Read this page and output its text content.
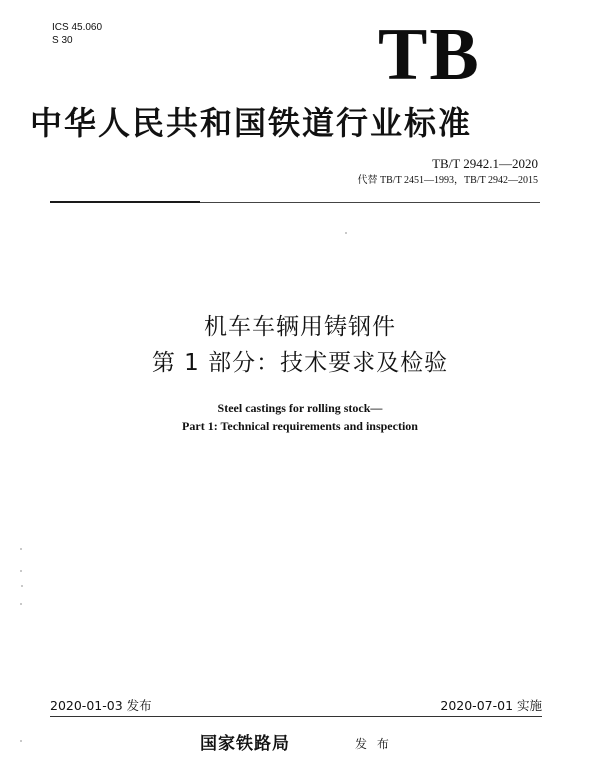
ICS 45.060
S 30	TB
中华人民共和国铁道行业标准
TB/T 2942.1—2020
代替 TB/T 2451—1993，TB/T 2942—2015
机车车辆用铸钢件
第 1 部分：技术要求及检验
Steel castings for rolling stock—
Part 1: Technical requirements and inspection
2020-01-03 发布	2020-07-01 实施
国家铁路局	发 布
